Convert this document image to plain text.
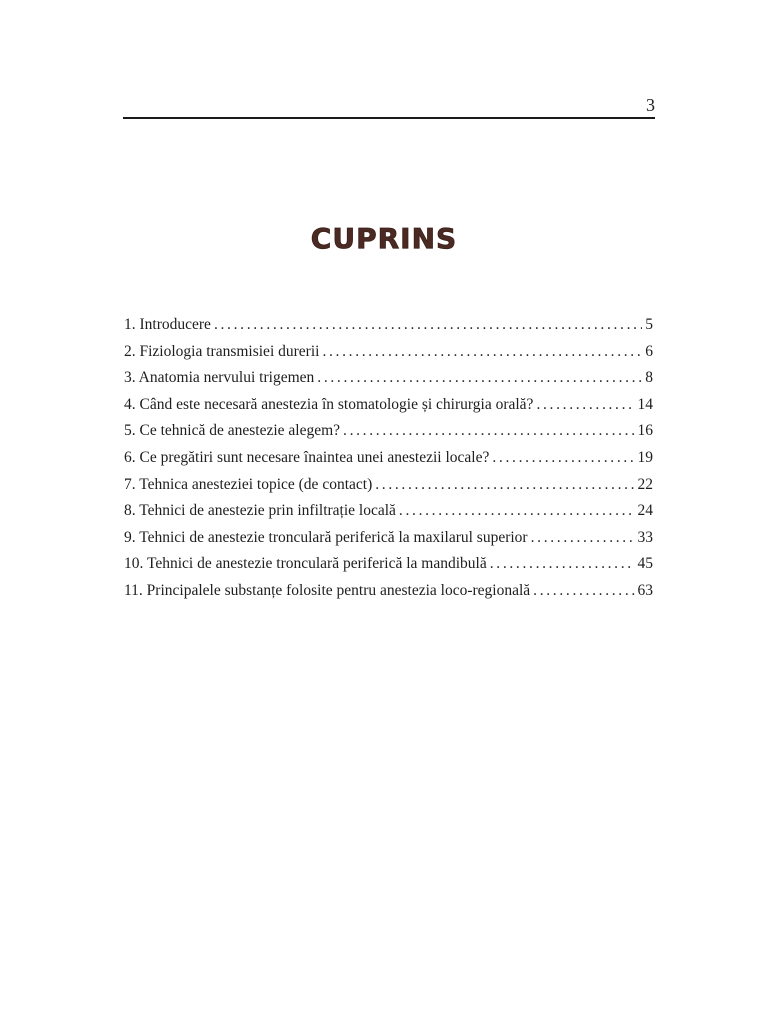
3
CUPRINS
1. Introducere . . .	5
2. Fiziologia transmisiei durerii . . .	6
3. Anatomia nervului trigemen . . .	8
4. Când este necesară anestezia în stomatologie și chirurgia orală? . . .	14
5. Ce tehnică de anestezie alegem? . . .	16
6. Ce pregătiri sunt necesare înaintea unei anestezii locale? . . .	19
7. Tehnica anesteziei topice (de contact) . . .	22
8. Tehnici de anestezie prin infiltrație locală . . .	24
9. Tehnici de anestezie tronculară periferică la maxilarul superior . . .	33
10. Tehnici de anestezie tronculară periferică la mandibulă . . .	45
11. Principalele substanțe folosite pentru anestezia loco-regională . . .	63
